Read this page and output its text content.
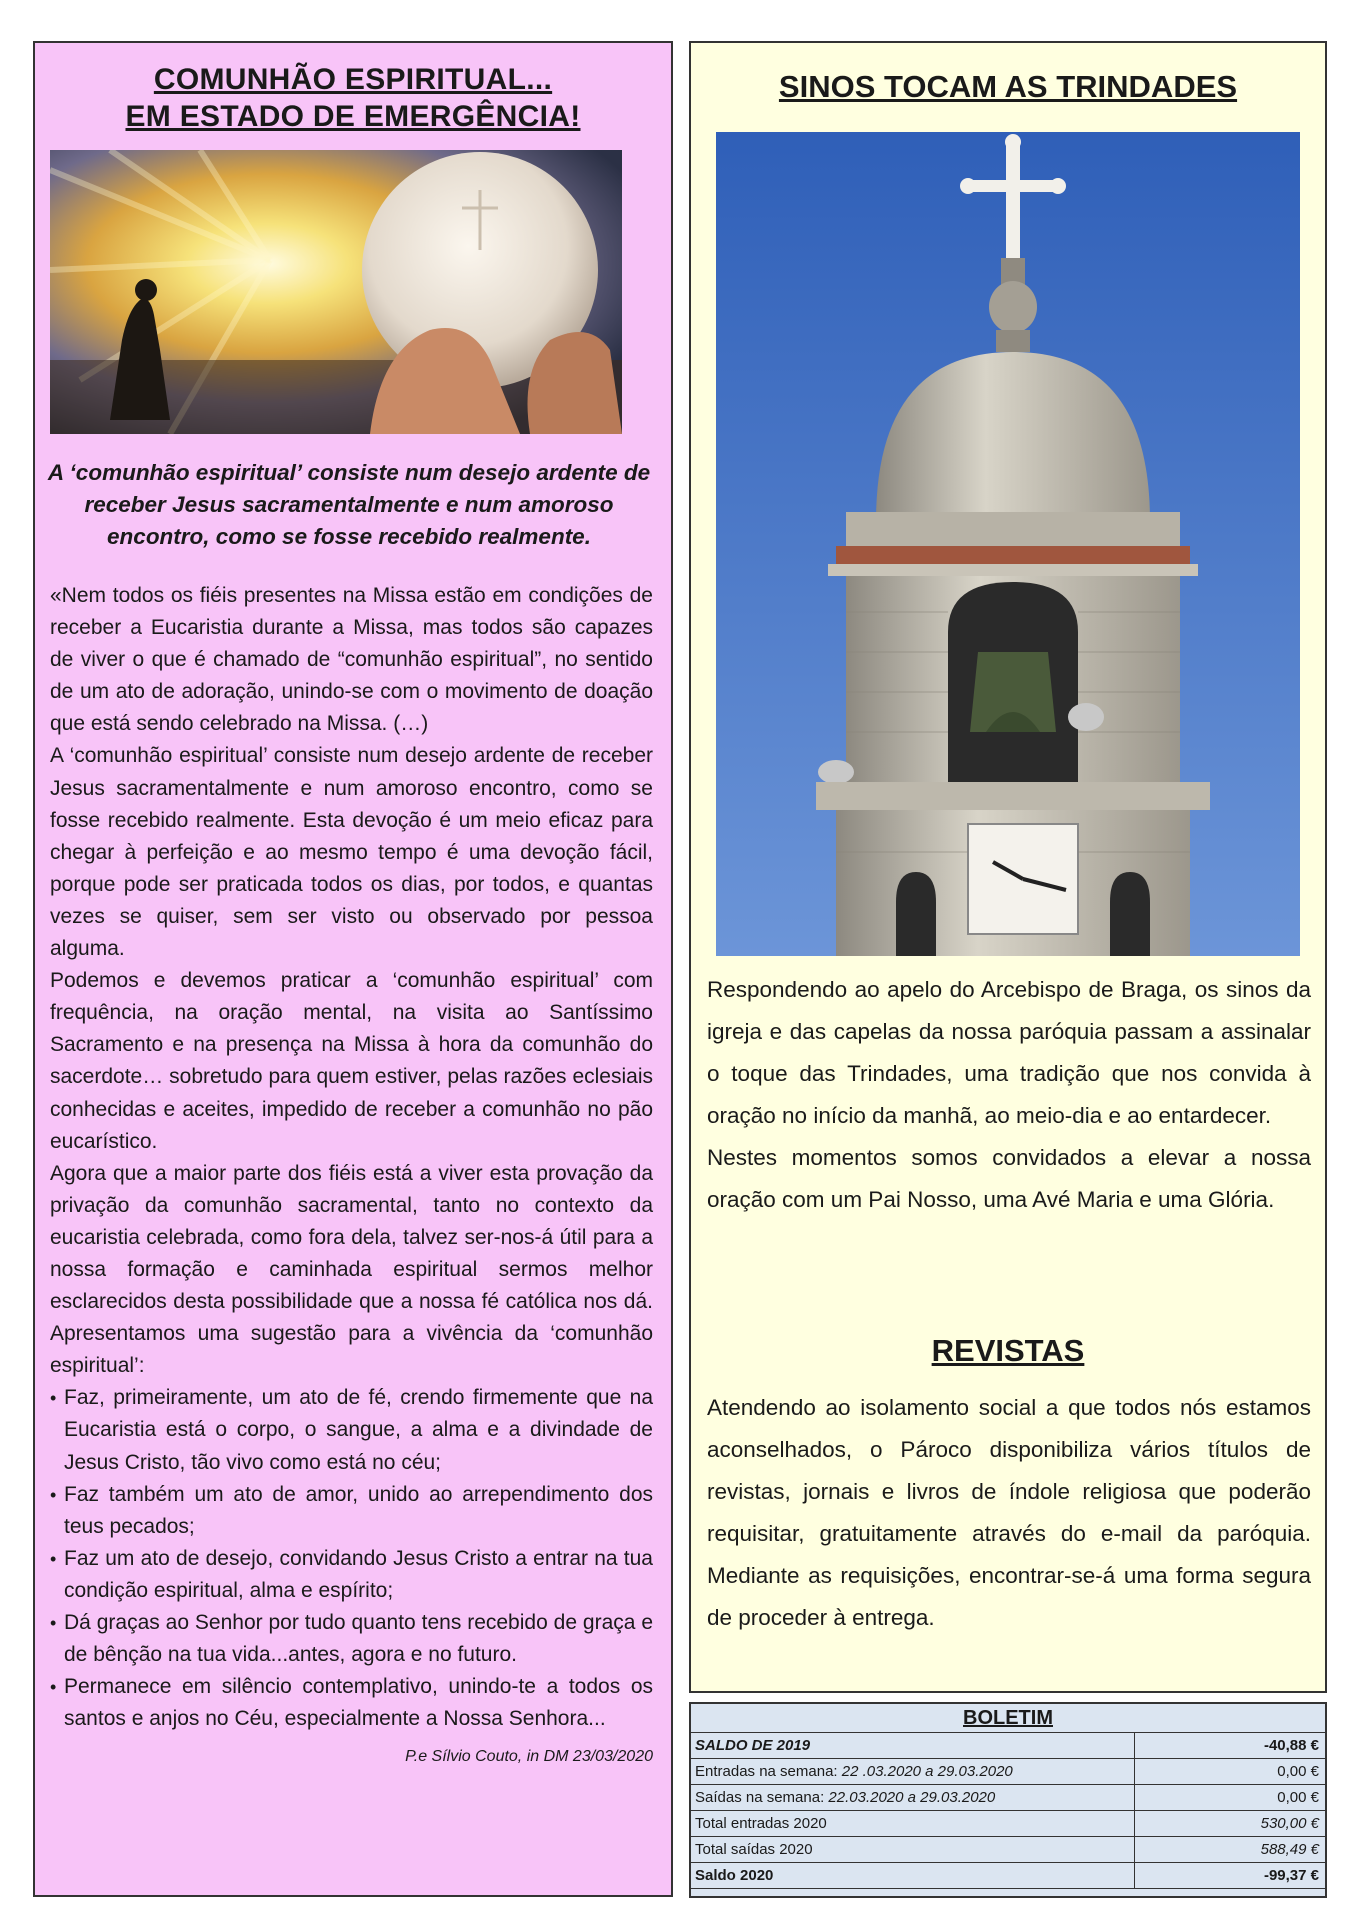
COMUNHÃO ESPIRITUAL...
EM ESTADO DE EMERGÊNCIA!
A ‘comunhão espiritual’ consiste num desejo ardente de receber Jesus sacramentalmente e num amoroso encontro, como se fosse recebido realmente.

«Nem todos os fiéis presentes na Missa estão em condições de receber a Eucaristia durante a Missa, mas todos são capazes de viver o que é chamado de “comunhão espiritual”, no sentido de um ato de adoração, unindo-se com o movimento de doação que está sendo celebrado na Missa. (…)

A ‘comunhão espiritual’ consiste num desejo ardente de receber Jesus sacramentalmente e num amoroso encontro, como se fosse recebido realmente. Esta devoção é um meio eficaz para chegar à perfeição e ao mesmo tempo é uma devoção fácil, porque pode ser praticada todos os dias, por todos, e quantas vezes se quiser, sem ser visto ou observado por pessoa alguma.

Podemos e devemos praticar a ‘comunhão espiritual’ com frequência, na oração mental, na visita ao Santíssimo Sacramento e na presença na Missa à hora da comunhão do sacerdote… sobretudo para quem estiver, pelas razões eclesiais conhecidas e aceites, impedido de receber a comunhão no pão eucarístico.

Agora que a maior parte dos fiéis está a viver esta provação da privação da comunhão sacramental, tanto no contexto da eucaristia celebrada, como fora dela, talvez ser-nos-á útil para a nossa formação e caminhada espiritual sermos melhor esclarecidos desta possibilidade que a nossa fé católica nos dá. Apresentamos uma sugestão para a vivência da ‘comunhão espiritual’:

• Faz, primeiramente, um ato de fé, crendo firmemente que na Eucaristia está o corpo, o sangue, a alma e a divindade de Jesus Cristo, tão vivo como está no céu;
• Faz também um ato de amor, unido ao arrependimento dos teus pecados;
• Faz um ato de desejo, convidando Jesus Cristo a entrar na tua condição espiritual, alma e espírito;
• Dá graças ao Senhor por tudo quanto tens recebido de graça e de bênção na tua vida...antes, agora e no futuro.
• Permanece em silêncio contemplativo, unindo-te a todos os santos e anjos no Céu, especialmente a Nossa Senhora...
P.e Sílvio Couto, in DM 23/03/2020
SINOS TOCAM AS TRINDADES

Respondendo ao apelo do Arcebispo de Braga, os sinos da igreja e das capelas da nossa paróquia passam a assinalar o toque das Trindades, uma tradição que nos convida à oração no início da manhã, ao meio-dia e ao entardecer.

Nestes momentos somos convidados a elevar a nossa oração com um Pai Nosso, uma Avé Maria e uma Glória.

REVISTAS
Atendendo ao isolamento social a que todos nós estamos aconselhados, o Pároco disponibiliza vários títulos de revistas, jornais e livros de índole religiosa que poderão requisitar, gratuitamente através do e-mail da paróquia. Mediante as requisições, encontrar-se-á uma forma segura de proceder à entrega.
BOLETIM
SALDO DE 2019	-40,88 €
Entradas na semana: 22 .03.2020 a 29.03.2020	0,00 €
Saídas na semana: 22.03.2020 a 29.03.2020	0,00 €
Total entradas 2020	530,00 €
Total saídas 2020	588,49 €
Saldo 2020	-99,37 €
